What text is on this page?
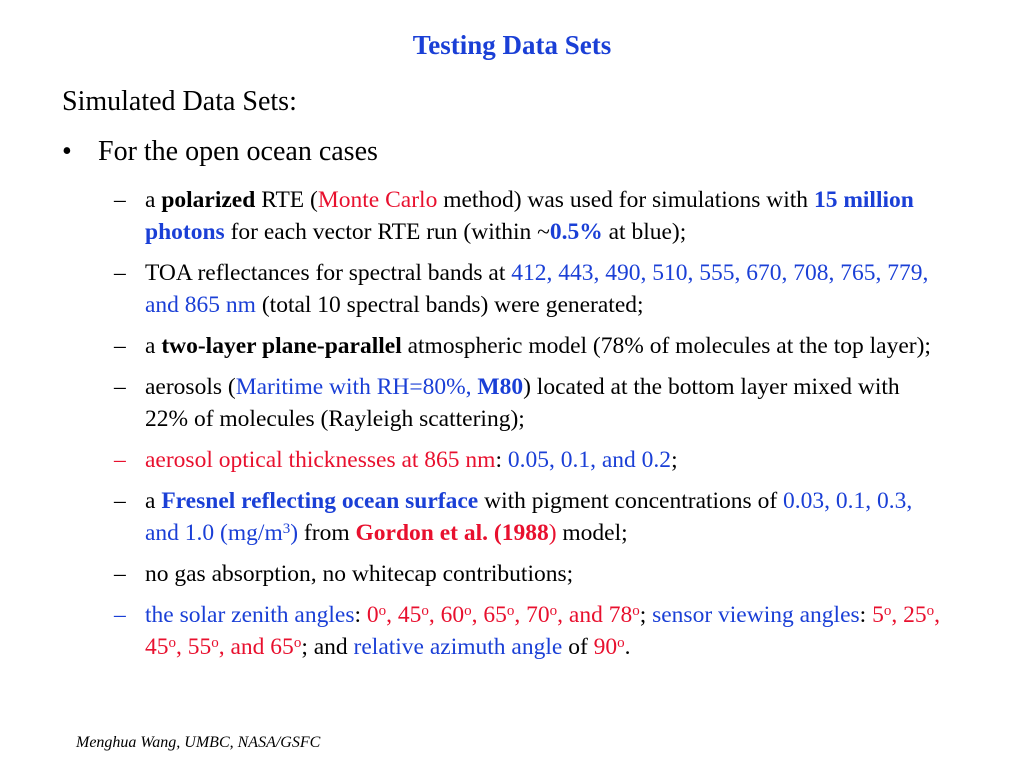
Testing Data Sets
Simulated Data Sets:
• For the open ocean cases
– a polarized RTE (Monte Carlo method) was used for simulations with 15 million photons for each vector RTE run (within ~0.5% at blue);
– TOA reflectances for spectral bands at 412, 443, 490, 510, 555, 670, 708, 765, 779, and 865 nm (total 10 spectral bands) were generated;
– a two-layer plane-parallel atmospheric model (78% of molecules at the top layer);
– aerosols (Maritime with RH=80%, M80) located at the bottom layer mixed with 22% of molecules (Rayleigh scattering);
– aerosol optical thicknesses at 865 nm: 0.05, 0.1, and 0.2;
– a Fresnel reflecting ocean surface with pigment concentrations of 0.03, 0.1, 0.3, and 1.0 $(mg/m^3)$ from Gordon et al. (1988) model;
– no gas absorption, no whitecap contributions;
– the solar zenith angles: 0$^o$, 45$^o$, 60$^o$, 65$^o$, 70$^o$, and 78$^o$; sensor viewing angles: 5$^o$, 25$^o$, 45$^o$, 55$^o$, and 65$^o$; and relative azimuth angle of 90$^o$.
Menghua Wang, UMBC, NASA/GSFC
